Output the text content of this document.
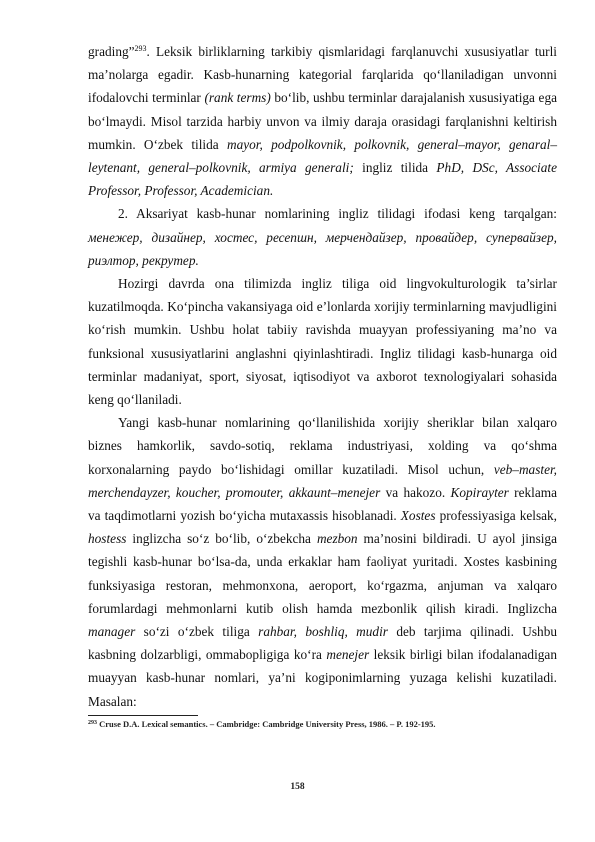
grading”$^{293}$. Leksik birliklarning tarkibiy qismlaridagi farqlanuvchi xususiyatlar turli ma’nolarga egadir. Kasb-hunarning kategorial farqlarida qo‘llaniladigan unvonni ifodalovchi terminlar (rank terms) bo‘lib, ushbu terminlar darajalanish xususiyatiga ega bo‘lmaydi. Misol tarzida harbiy unvon va ilmiy daraja orasidagi farqlanishni keltirish mumkin. O‘zbek tilida mayor, podpolkovnik, polkovnik, general–mayor, genaral–leytenant, general–polkovnik, armiya generali; ingliz tilida PhD, DSc, Associate Professor, Professor, Academician.

2. Aksariyat kasb-hunar nomlarining ingliz tilidagi ifodasi keng tarqalgan: менежер, дизайнер, хостес, ресепшн, мерчендайзер, провайдер, супервайзер, риэлтор, рекрутер.

Hozirgi davrda ona tilimizda ingliz tiliga oid lingvokulturologik ta’sirlar kuzatilmoqda. Ko‘pincha vakansiyaga oid e’lonlarda xorijiy terminlarning mavjudligini ko‘rish mumkin. Ushbu holat tabiiy ravishda muayyan professiyaning ma’no va funksional xususiyatlarini anglashni qiyinlashtiradi. Ingliz tilidagi kasb-hunarga oid terminlar madaniyat, sport, siyosat, iqtisodiyot va axborot texnologiyalari sohasida keng qo‘llaniladi.

Yangi kasb-hunar nomlarining qo‘llanilishida xorijiy sheriklar bilan xalqaro biznes hamkorlik, savdo-sotiq, reklama industriyasi, xolding va qo‘shma korxonalarning paydo bo‘lishidagi omillar kuzatiladi. Misol uchun, veb–master, merchendayzer, koucher, promouter, akkaunt–menejer va hakozo. Kopirayter reklama va taqdimotlarni yozish bo‘yicha mutaxassis hisoblanadi. Xostes professiyasiga kelsak, hostess inglizcha so‘z bo‘lib, o‘zbekcha mezbon ma’nosini bildiradi. U ayol jinsiga tegishli kasb-hunar bo‘lsa-da, unda erkaklar ham faoliyat yuritadi. Xostes kasbining funksiyasiga restoran, mehmonxona, aeroport, ko‘rgazma, anjuman va xalqaro forumlardagi mehmonlarni kutib olish hamda mezbonlik qilish kiradi. Inglizcha manager so‘zi o‘zbek tiliga rahbar, boshliq, mudir deb tarjima qilinadi. Ushbu kasbning dolzarbligi, ommabopligiga ko‘ra menejer leksik birligi bilan ifodalanadigan muayyan kasb-hunar nomlari, ya’ni kogiponimlarning yuzaga kelishi kuzatiladi. Masalan:

$^{293}$ Cruse D.A. Lexical semantics. – Cambridge: Cambridge University Press, 1986. – P. 192-195.
158
